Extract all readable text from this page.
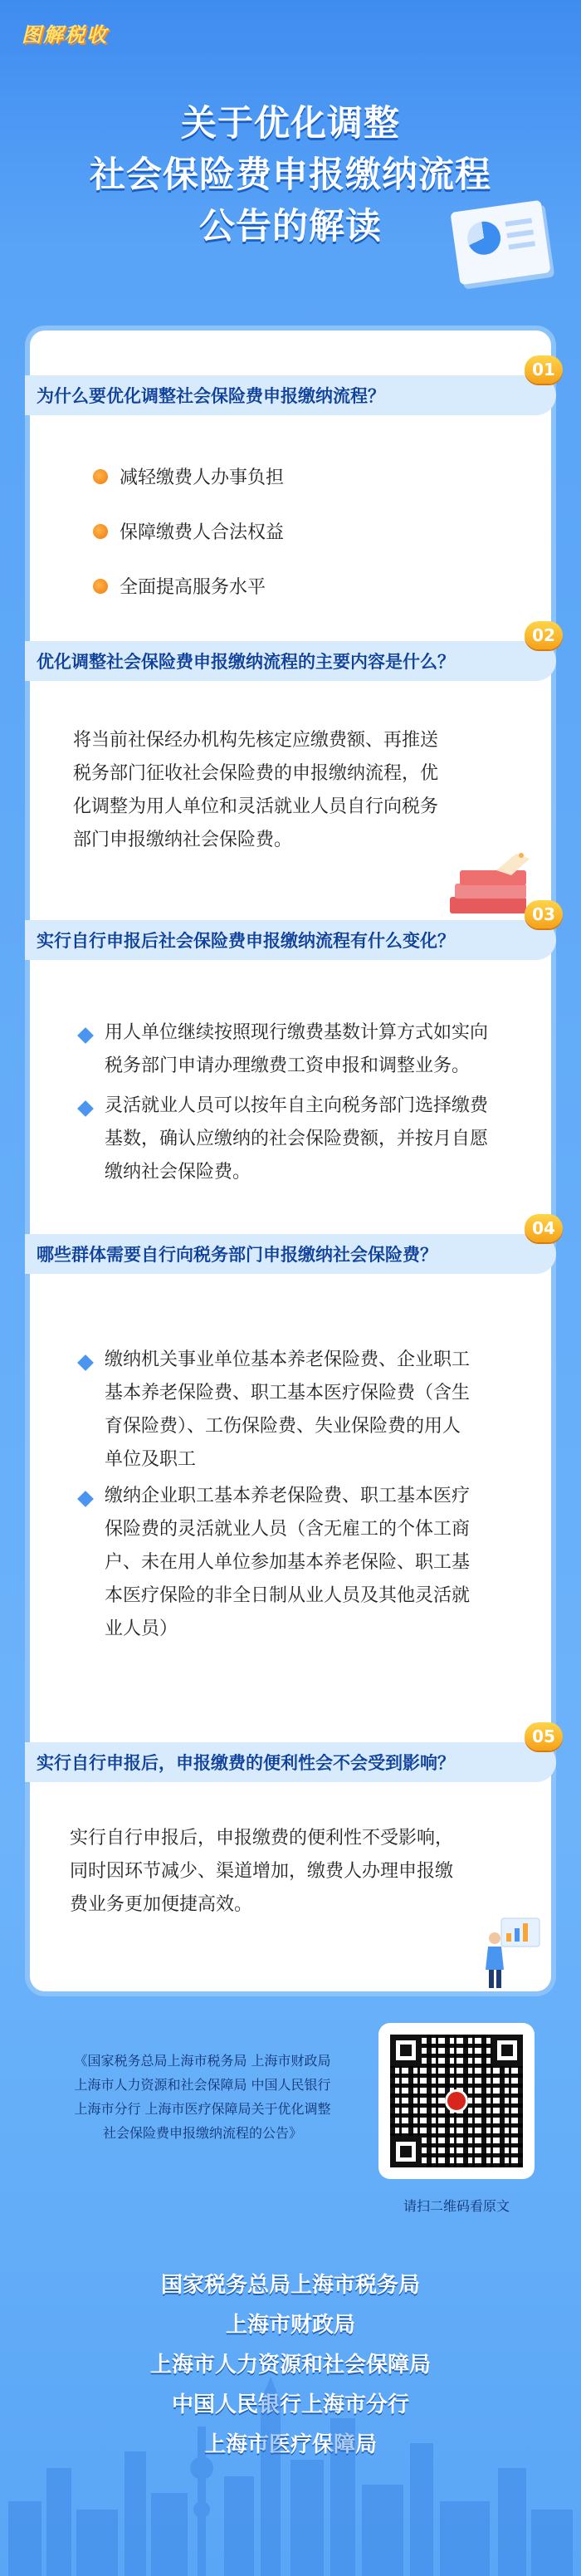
图解税收
关于优化调整
社会保险费申报缴纳流程
公告的解读
为什么要优化调整社会保险费申报缴纳流程？
01
减轻缴费人办事负担
保障缴费人合法权益
全面提高服务水平
优化调整社会保险费申报缴纳流程的主要内容是什么？
02
将当前社保经办机构先核定应缴费额、再推送
税务部门征收社会保险费的申报缴纳流程，优
化调整为用人单位和灵活就业人员自行向税务
部门申报缴纳社会保险费。
实行自行申报后社会保险费申报缴纳流程有什么变化？
03
用人单位继续按照现行缴费基数计算方式如实向
税务部门申请办理缴费工资申报和调整业务。
灵活就业人员可以按年自主向税务部门选择缴费
基数，确认应缴纳的社会保险费额，并按月自愿
缴纳社会保险费。
哪些群体需要自行向税务部门申报缴纳社会保险费？
04
缴纳机关事业单位基本养老保险费、企业职工
基本养老保险费、职工基本医疗保险费（含生
育保险费）、工伤保险费、失业保险费的用人
单位及职工
缴纳企业职工基本养老保险费、职工基本医疗
保险费的灵活就业人员（含无雇工的个体工商
户、未在用人单位参加基本养老保险、职工基
本医疗保险的非全日制从业人员及其他灵活就
业人员）
实行自行申报后，申报缴费的便利性会不会受到影响？
05
实行自行申报后，申报缴费的便利性不受影响，
同时因环节减少、渠道增加，缴费人办理申报缴
费业务更加便捷高效。
《国家税务总局上海市税务局 上海市财政局
上海市人力资源和社会保障局 中国人民银行
上海市分行 上海市医疗保障局关于优化调整
社会保险费申报缴纳流程的公告》
请扫二维码看原文
国家税务总局上海市税务局
上海市财政局
上海市人力资源和社会保障局
中国人民银行上海市分行
上海市医疗保障局
